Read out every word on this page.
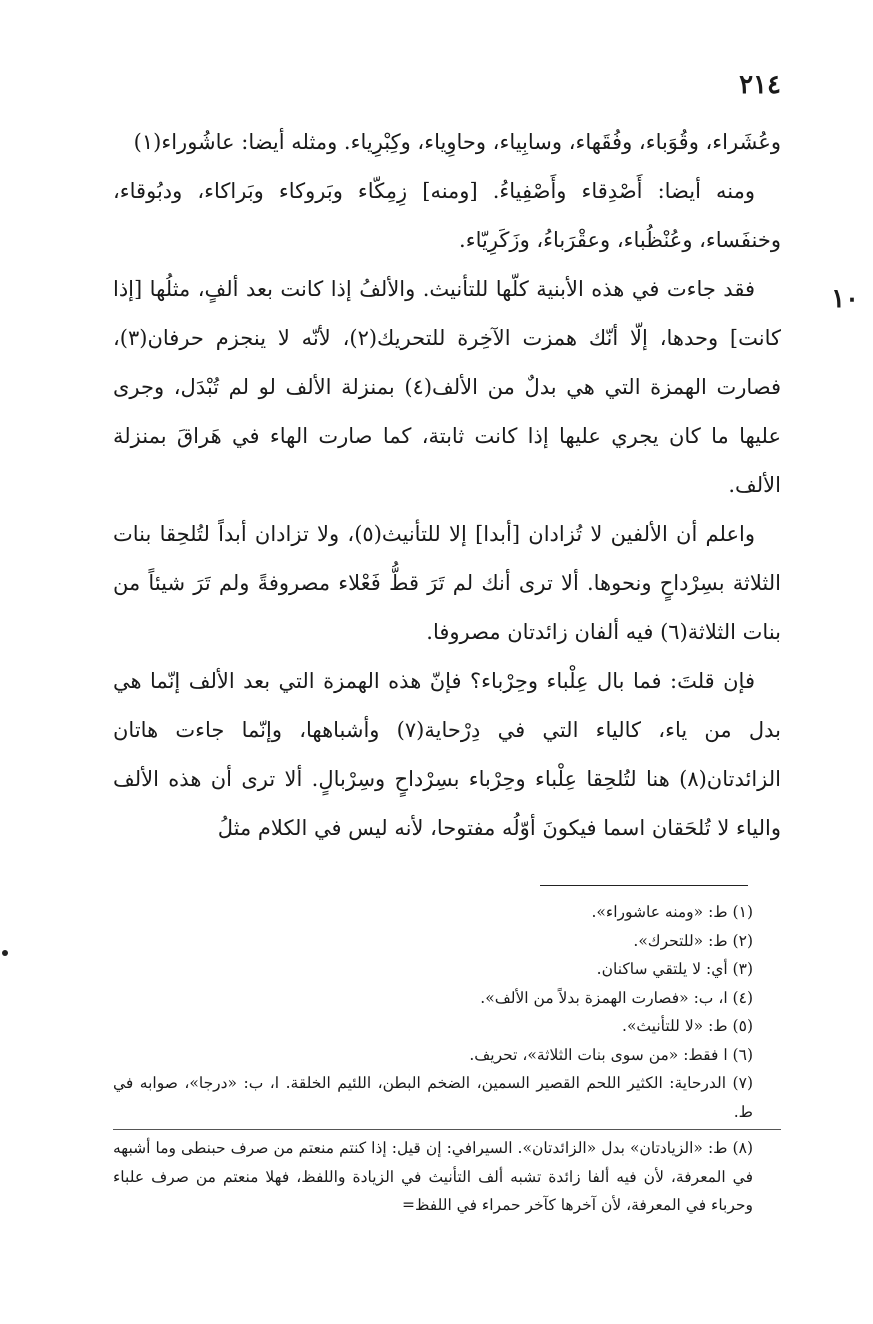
٢١٤
١٠

وعُشَراء، وقُوَباء، وفُقَهاء، وسابِياء، وحاوِياء، وكِبْرِياء. ومثله أيضا: عاشُوراء(١)

ومنه أيضا: أَصْدِقاء وأَصْفِياءُ. [ومنه] زِمِكّاء وبَروكاء وبَراكاء، ودبُوقاء، وخنفَساء، وعُنْظُباء، وعقْرَباءُ، وزَكَرِيّاء.

فقد جاءت في هذه الأبنية كلّها للتأنيث. والألفُ إذا كانت بعد ألفٍ، مثلُها [إذا كانت] وحدها، إلّا أنّك همزت الآخِرة للتحريك(٢)، لأنّه لا ينجزم حرفان(٣)، فصارت الهمزة التي هي بدلٌ من الألف(٤) بمنزلة الألف لو لم تُبْدَل، وجرى عليها ما كان يجري عليها إذا كانت ثابتة، كما صارت الهاء في هَراقَ بمنزلة الألف.

واعلم أن الألفين لا تُزادان [أبدا] إلا للتأنيث(٥)، ولا تزادان أبداً لتُلحِقا بنات الثلاثة بسِرْداحٍ ونحوها. ألا ترى أنك لم تَرَ قطُّ فَعْلاء مصروفةً ولم تَرَ شيئاً من بنات الثلاثة(٦) فيه ألفان زائدتان مصروفا.

فإن قلتَ: فما بال عِلْباء وحِرْباء؟ فإنّ هذه الهمزة التي بعد الألف إنّما هي بدل من ياء، كالياء التي في دِرْحاية(٧) وأشباهها، وإنّما جاءت هاتان الزائدتان(٨) هنا لتُلحِقا عِلْباء وحِرْباء بسِرْداحٍ وسِرْبالٍ. ألا ترى أن هذه الألف والياء لا تُلحَقان اسما فيكونَ أوّلُه مفتوحا، لأنه ليس في الكلام مثلُ

(١) ط: «ومنه عاشوراء».

(٢) ط: «للتحرك».

(٣) أي: لا يلتقي ساكنان.

(٤) ا، ب: «فصارت الهمزة بدلاً من الألف».

(٥) ط: «لا للتأنيث».

(٦) ا فقط: «من سوى بنات الثلاثة»، تحريف.

(٧) الدرحاية: الكثير اللحم القصير السمين، الضخم البطن، اللئيم الخلقة. ا، ب: «درجا»، صوابه في ط.

(٨) ط: «الزيادتان» بدل «الزائدتان». السيرافي: إن قيل: إذا كنتم منعتم من صرف حبنطى وما أشبهه في المعرفة، لأن فيه ألفا زائدة تشبه ألف التأنيث في الزيادة واللفظ، فهلا منعتم من صرف علباء وحرباء في المعرفة، لأن آخرها كآخر حمراء في اللفظ=
